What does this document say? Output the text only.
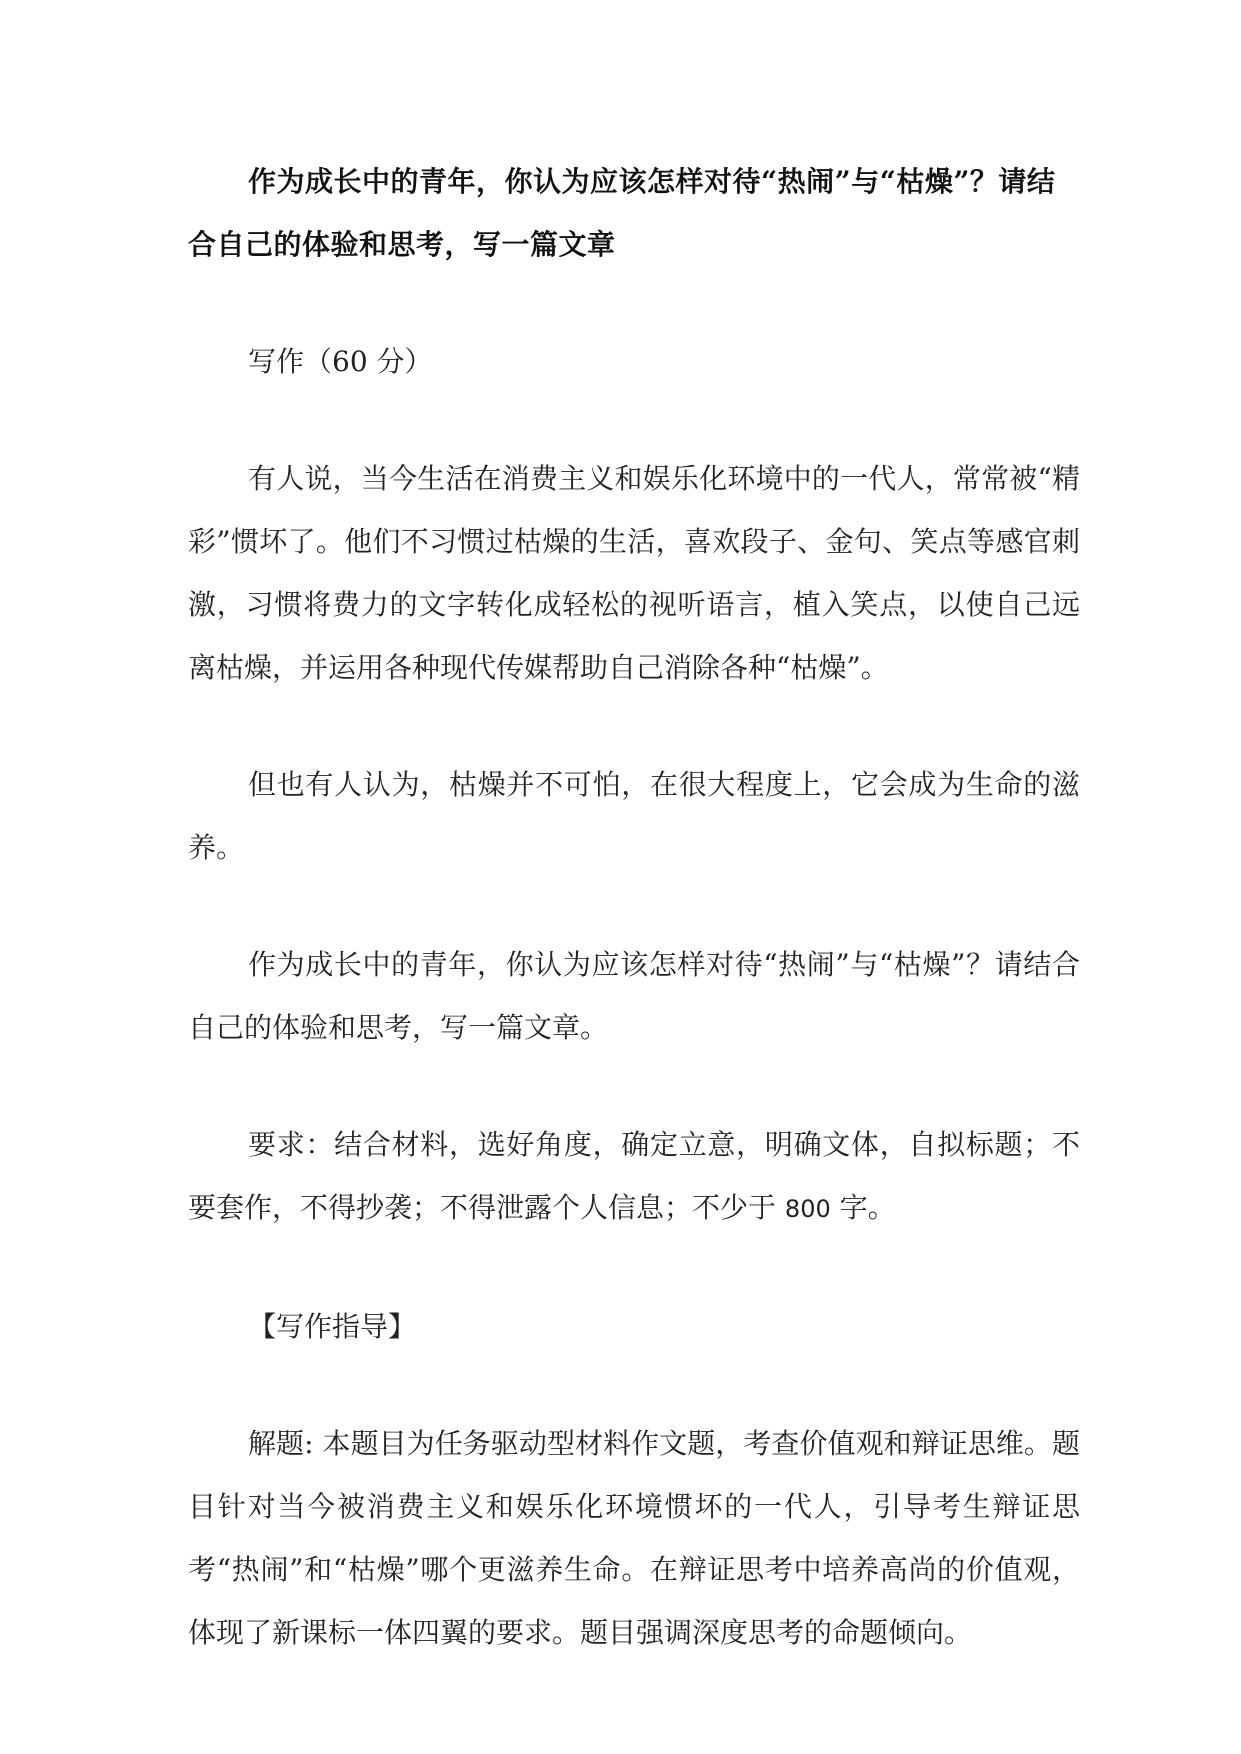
作为成长中的青年，你认为应该怎样对待“热闹”与“枯燥”？请结合自己的体验和思考，写一篇文章

写作（60 分）

有人说，当今生活在消费主义和娱乐化环境中的一代人，常常被“精彩”惯坏了。他们不习惯过枯燥的生活，喜欢段子、金句、笑点等感官刺激，习惯将费力的文字转化成轻松的视听语言，植入笑点，以使自己远离枯燥，并运用各种现代传媒帮助自己消除各种“枯燥”。

但也有人认为，枯燥并不可怕，在很大程度上，它会成为生命的滋养。

作为成长中的青年，你认为应该怎样对待“热闹”与“枯燥”？请结合自己的体验和思考，写一篇文章。

要求：结合材料，选好角度，确定立意，明确文体，自拟标题；不要套作，不得抄袭；不得泄露个人信息；不少于 800 字。

【写作指导】

解题: 本题目为任务驱动型材料作文题，考查价值观和辩证思维。题目针对当今被消费主义和娱乐化环境惯坏的一代人，引导考生辩证思考“热闹”和“枯燥”哪个更滋养生命。在辩证思考中培养高尚的价值观，体现了新课标一体四翼的要求。题目强调深度思考的命题倾向。
